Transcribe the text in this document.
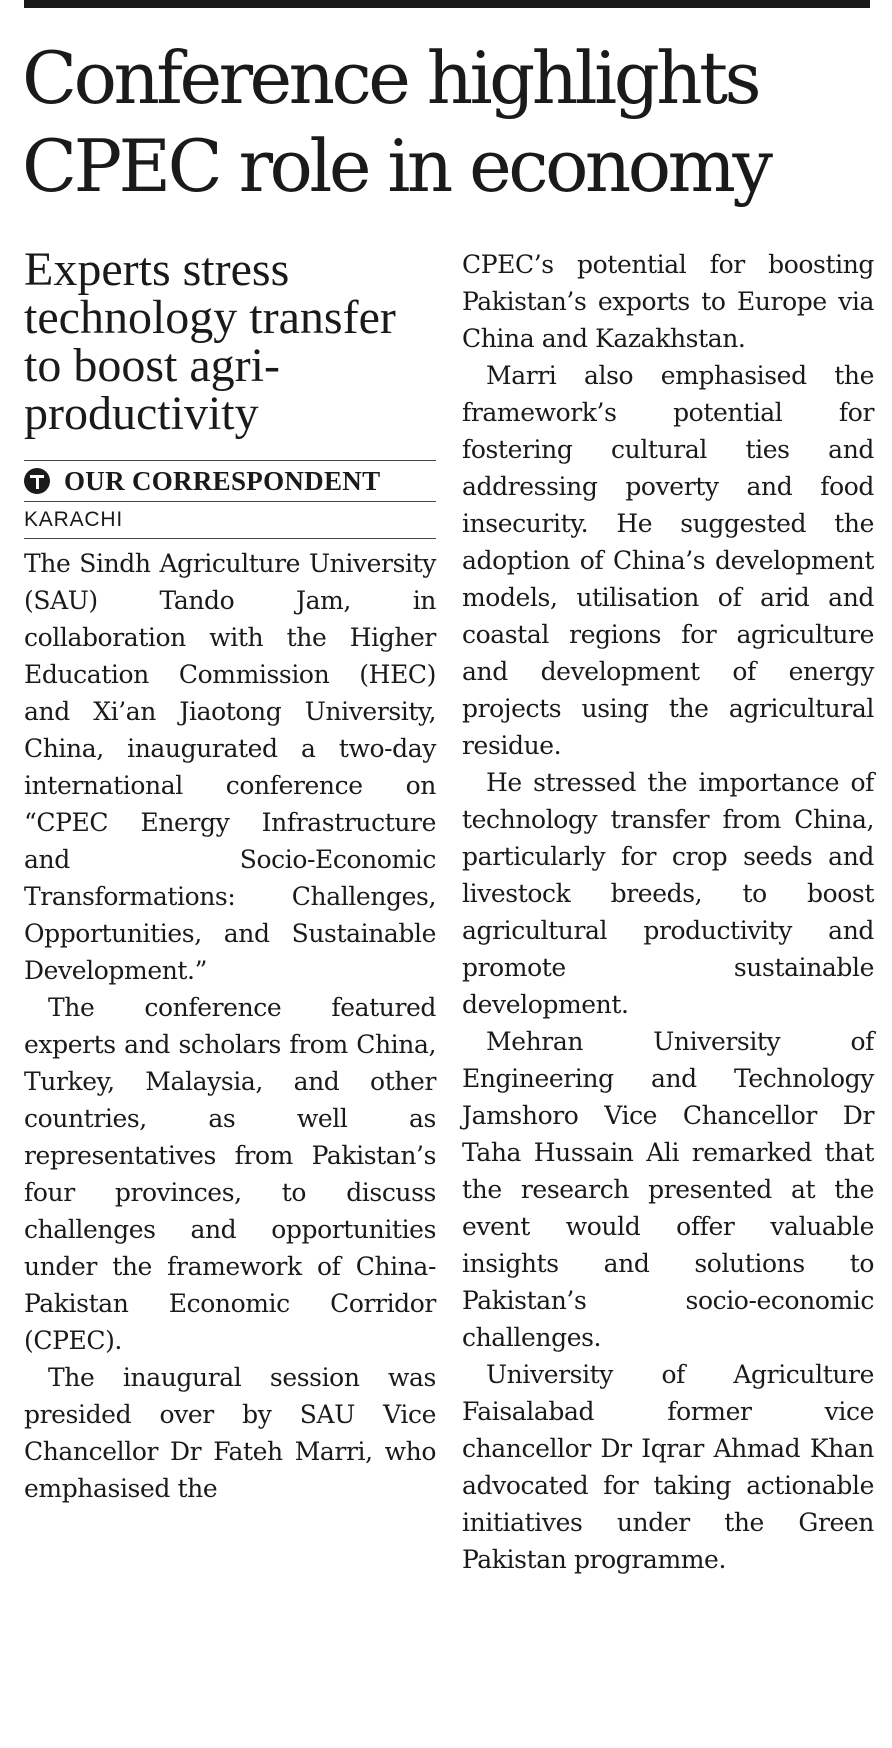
Conference highlights CPEC role in economy
Experts stress technology transfer to boost agri-productivity
OUR CORRESPONDENT
KARACHI

The Sindh Agriculture University (SAU) Tando Jam, in collaboration with the Higher Education Commission (HEC) and Xi’an Jiaotong University, China, inaugurated a two-day international conference on “CPEC Energy Infrastructure and Socio-Economic Transformations: Challenges, Opportunities, and Sustainable Development.”

The conference featured experts and scholars from China, Turkey, Malaysia, and other countries, as well as representatives from Pakistan’s four provinces, to discuss challenges and opportunities under the framework of China-Pakistan Economic Corridor (CPEC).

The inaugural session was presided over by SAU Vice Chancellor Dr Fateh Marri, who emphasised the

CPEC’s potential for boosting Pakistan’s exports to Europe via China and Kazakhstan.

Marri also emphasised the framework’s potential for fostering cultural ties and addressing poverty and food insecurity. He suggested the adoption of China’s development models, utilisation of arid and coastal regions for agriculture and development of energy projects using the agricultural residue.

He stressed the importance of technology transfer from China, particularly for crop seeds and livestock breeds, to boost agricultural productivity and promote sustainable development.

Mehran University of Engineering and Technology Jamshoro Vice Chancellor Dr Taha Hussain Ali remarked that the research presented at the event would offer valuable insights and solutions to Pakistan’s socio-economic challenges.

University of Agriculture Faisalabad former vice chancellor Dr Iqrar Ahmad Khan advocated for taking actionable initiatives under the Green Pakistan programme.
